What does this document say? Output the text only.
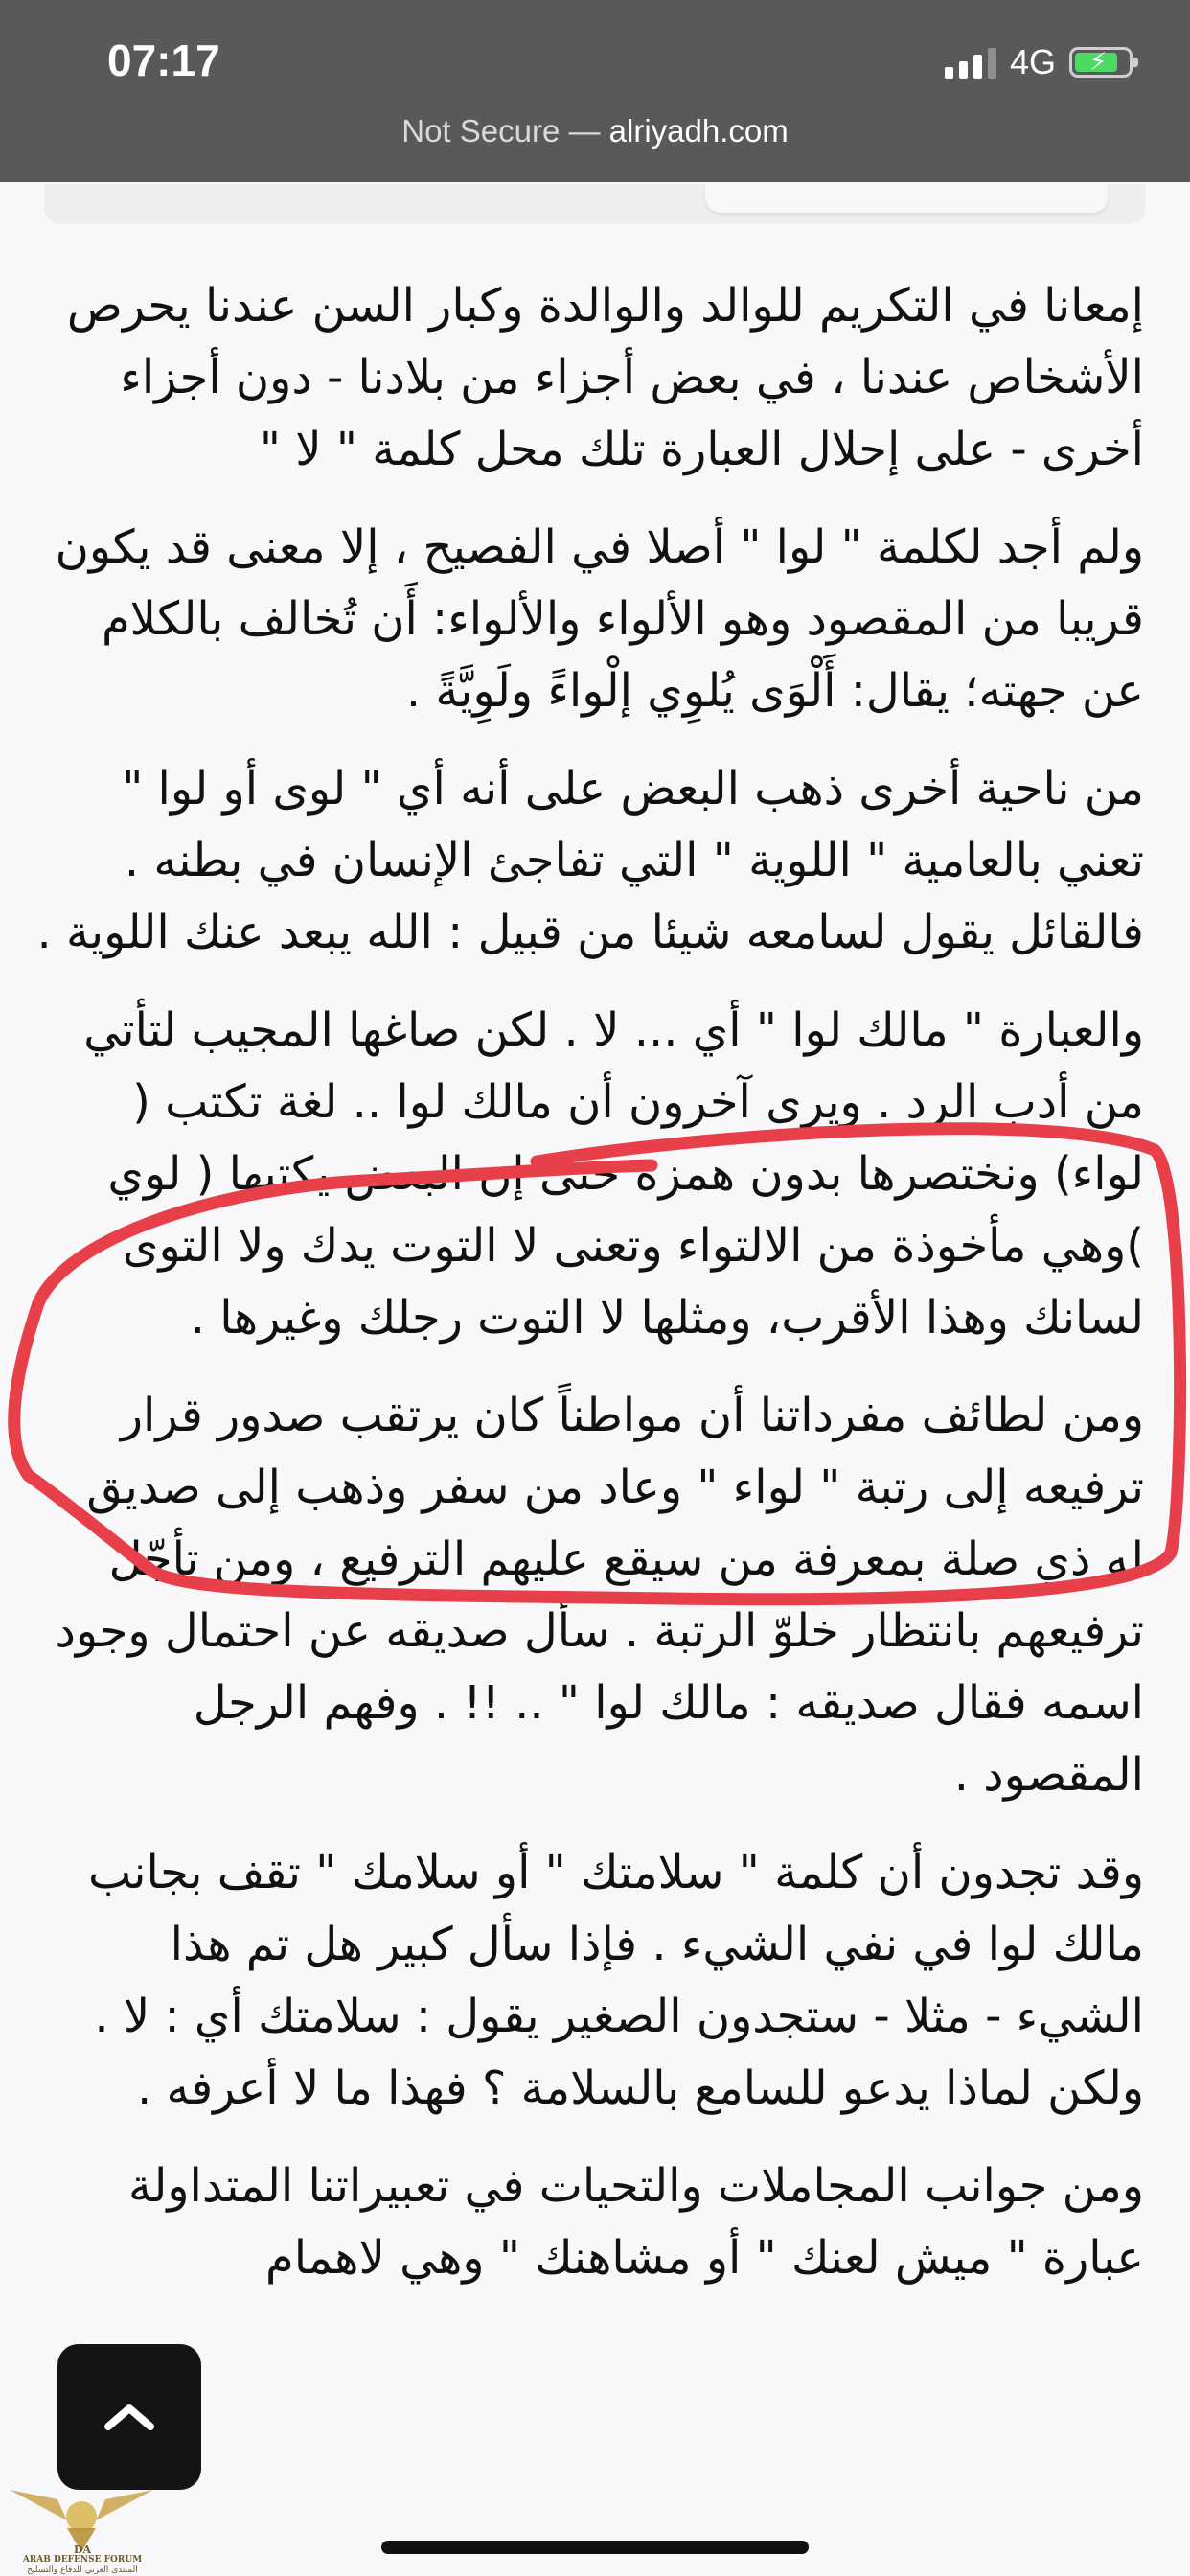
07:17	4G ⚡
Not Secure — alriyadh.com

إمعانا في التكريم للوالد والوالدة وكبار السن عندنا يحرص الأشخاص عندنا ، في بعض أجزاء من بلادنا - دون أجزاء أخرى - على إحلال العبارة تلك محل كلمة " لا "

ولم أجد لكلمة " لوا " أصلا في الفصيح ، إلا معنى قد يكون قريبا من المقصود وهو الألواء والألواء: أَن تُخالف بالكلام عن جهته؛ يقال: أَلْوَى يُلوِي إلْواءً ولَوِيَّةً .

من ناحية أخرى ذهب البعض على أنه أي " لوى أو لوا " تعني بالعامية " اللوية " التي تفاجئ الإنسان في بطنه . فالقائل يقول لسامعه شيئا من قبيل : الله يبعد عنك اللوية .

والعبارة " مالك لوا " أي ... لا . لكن صاغها المجيب لتأتي من أدب الرد . ويرى آخرون أن مالك لوا .. لغة تكتب ( لواء) ونختصرها بدون همزة حتى إن البعض يكتبها ( لوي )وهي مأخوذة من الالتواء وتعنى لا التوت يدك ولا التوى لسانك وهذا الأقرب، ومثلها لا التوت رجلك وغيرها .

ومن لطائف مفرداتنا أن مواطناً كان يرتقب صدور قرار ترفيعه إلى رتبة " لواء " وعاد من سفر وذهب إلى صديق له ذي صلة بمعرفة من سيقع عليهم الترفيع ، ومن تأجّل ترفيعهم بانتظار خلوّ الرتبة . سأل صديقه عن احتمال وجود اسمه فقال صديقه : مالك لوا " .. !! . وفهم الرجل المقصود .

وقد تجدون أن كلمة " سلامتك " أو سلامك " تقف بجانب مالك لوا في نفي الشيء . فإذا سأل كبير هل تم هذا الشيء - مثلا - ستجدون الصغير يقول : سلامتك أي : لا . ولكن لماذا يدعو للسامع بالسلامة ؟ فهذا ما لا أعرفه .

ومن جوانب المجاملات والتحيات في تعبيراتنا المتداولة عبارة " ميش لعنك " أو مشاهنك " وهي لاهمام

DA
ARAB DEFENSE FORUM
المنتدى العربي للدفاع والتسليح
